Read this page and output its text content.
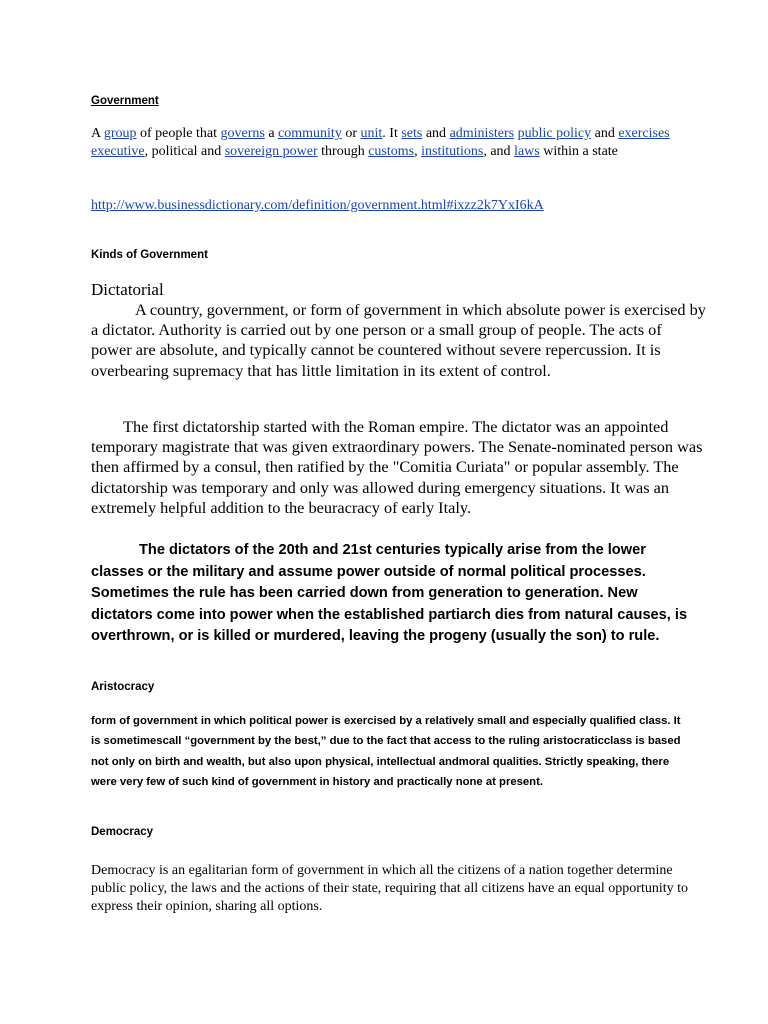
Government
A group of people that governs a community or unit. It sets and administers public policy and exercises executive, political and sovereign power through customs, institutions, and laws within a state
http://www.businessdictionary.com/definition/government.html#ixzz2k7YxI6kA
Kinds of Government
Dictatorial
A country, government, or form of government in which absolute power is exercised by a dictator. Authority is carried out by one person or a small group of people. The acts of power are absolute, and typically cannot be countered without severe repercussion. It is overbearing supremacy that has little limitation in its extent of control.
The first dictatorship started with the Roman empire. The dictator was an appointed temporary magistrate that was given extraordinary powers. The Senate-nominated person was then affirmed by a consul, then ratified by the "Comitia Curiata" or popular assembly. The dictatorship was temporary and only was allowed during emergency situations. It was an extremely helpful addition to the beuracracy of early Italy.
The dictators of the 20th and 21st centuries typically arise from the lower classes or the military and assume power outside of normal political processes. Sometimes the rule has been carried down from generation to generation. New dictators come into power when the established partiarch dies from natural causes, is overthrown, or is killed or murdered, leaving the progeny (usually the son) to rule.
Aristocracy
form of government in which political power is exercised by a relatively small and especially qualified class. It is sometimescall “government by the best,” due to the fact that access to the ruling aristocraticclass is based not only on birth and wealth, but also upon physical, intellectual andmoral qualities. Strictly speaking, there were very few of such kind of government in history and practically none at present.
Democracy
Democracy is an egalitarian form of government in which all the citizens of a nation together determine public policy, the laws and the actions of their state, requiring that all citizens have an equal opportunity to express their opinion, sharing all options.
